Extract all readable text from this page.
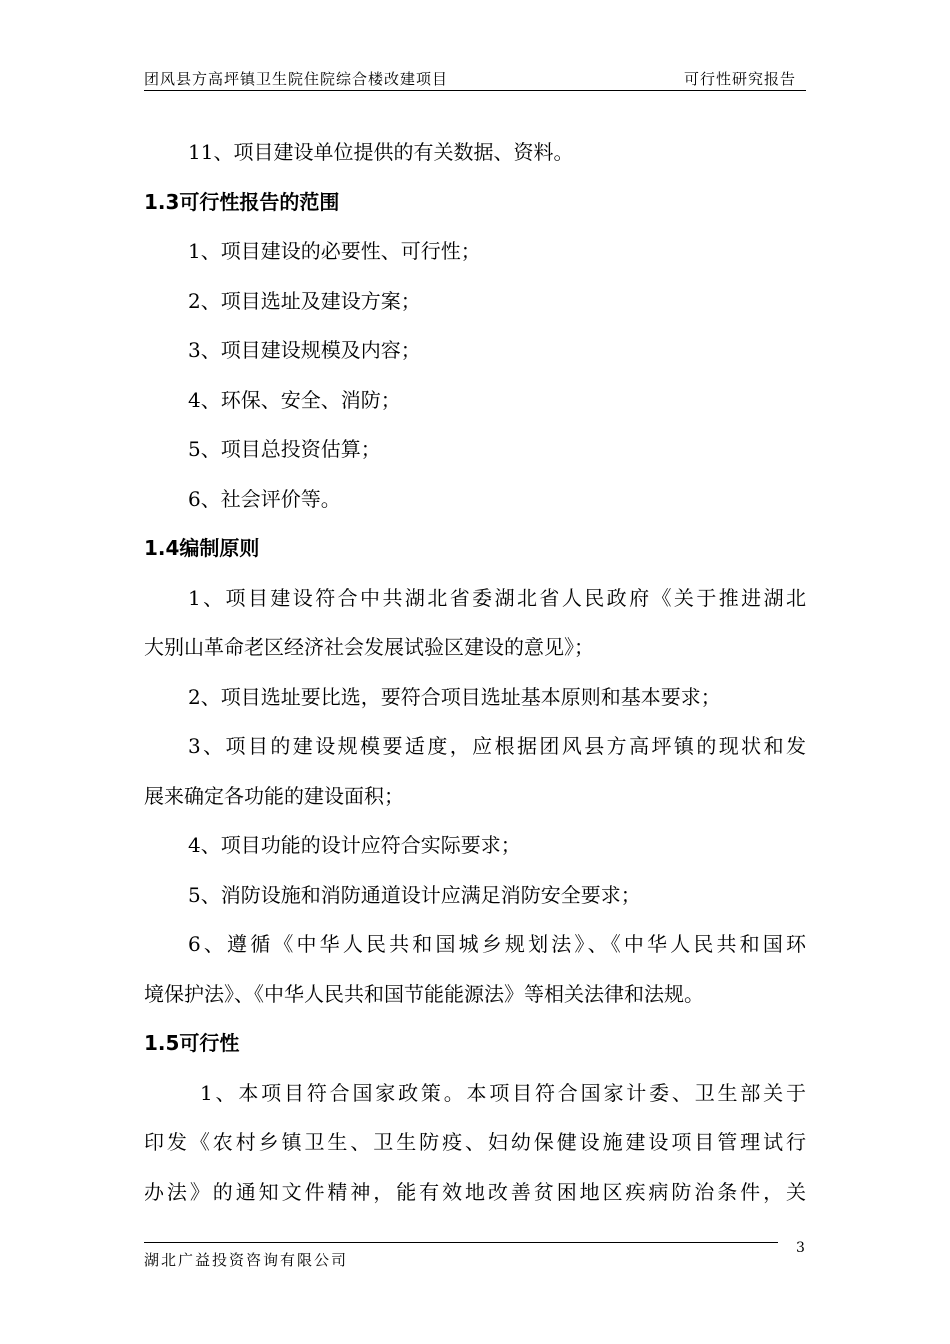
团风县方高坪镇卫生院住院综合楼改建项目	可行性研究报告
11、项目建设单位提供的有关数据、资料。
1.3可行性报告的范围
1、项目建设的必要性、可行性；
2、项目选址及建设方案；
3、项目建设规模及内容；
4、环保、安全、消防；
5、项目总投资估算；
6、社会评价等。
1.4编制原则
1、项目建设符合中共湖北省委湖北省人民政府《关于推进湖北
大别山革命老区经济社会发展试验区建设的意见》；
2、项目选址要比选，要符合项目选址基本原则和基本要求；
3、项目的建设规模要适度，应根据团风县方高坪镇的现状和发
展来确定各功能的建设面积；
4、项目功能的设计应符合实际要求；
5、消防设施和消防通道设计应满足消防安全要求；
6、遵循《中华人民共和国城乡规划法》、《中华人民共和国环
境保护法》、《中华人民共和国节能能源法》等相关法律和法规。
1.5可行性
1、本项目符合国家政策。本项目符合国家计委、卫生部关于
印发《农村乡镇卫生、卫生防疫、妇幼保健设施建设项目管理试行
办法》的通知文件精神，能有效地改善贫困地区疾病防治条件，关
湖北广益投资咨询有限公司
3
